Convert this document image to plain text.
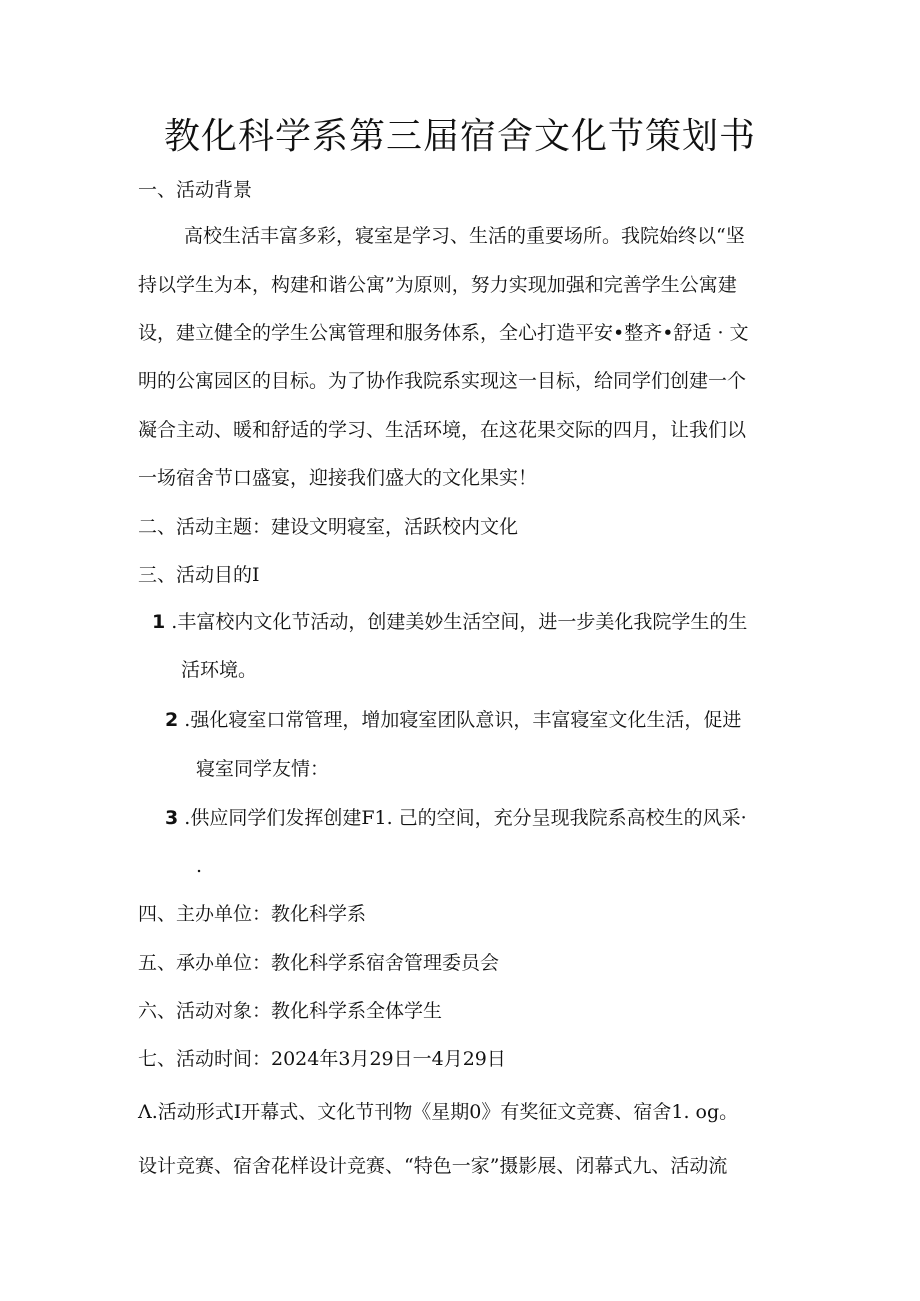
教化科学系第三届宿舍文化节策划书
一、活动背景
高校生活丰富多彩，寝室是学习、生活的重要场所。我院始终以“坚
持以学生为本，构建和谐公寓”为原则，努力实现加强和完善学生公寓建
设，建立健全的学生公寓管理和服务体系，全心打造平安•整齐•舒适 · 文
明的公寓园区的目标。为了协作我院系实现这一目标，给同学们创建一个
凝合主动、暖和舒适的学习、生活环境，在这花果交际的四月，让我们以
一场宿舍节口盛宴，迎接我们盛大的文化果实！
二、活动主题：建设文明寝室，活跃校内文化
三、活动目的I
1 .丰富校内文化节活动，创建美妙生活空间，进一步美化我院学生的生
活环境。
2 .强化寝室口常管理，增加寝室团队意识，丰富寝室文化生活，促进
寝室同学友情：
3 .供应同学们发挥创建F1. 己的空间，充分呈现我院系高校生的风采·
.
四、主办单位：教化科学系
五、承办单位：教化科学系宿舍管理委员会
六、活动对象：教化科学系全体学生
七、活动时间：2024年3月29日一4月29日
Λ.活动形式I开幕式、文化节刊物《星期0》有奖征文竞赛、宿舍1. og。
设计竞赛、宿舍花样设计竞赛、“特色一家”摄影展、闭幕式九、活动流
